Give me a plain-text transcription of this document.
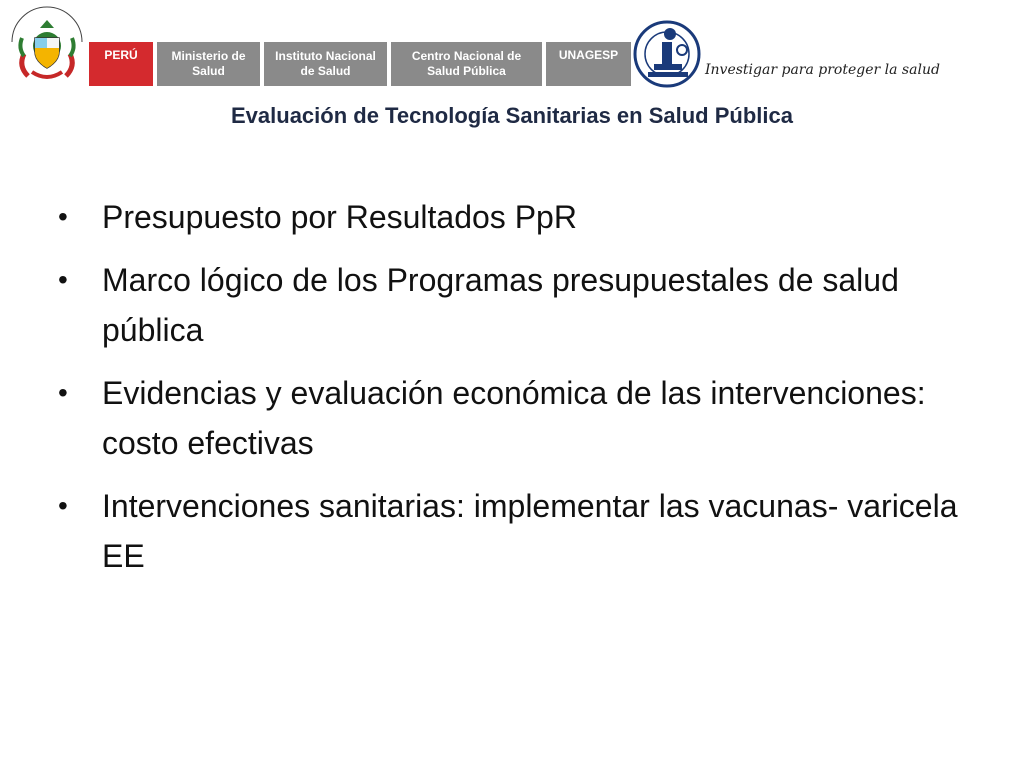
PERÚ	Ministerio de
Salud
Instituto Nacional
de Salud
Centro Nacional de
Salud Pública
UNAGESP
Investigar para proteger la salud
Evaluación de Tecnología Sanitarias en Salud Pública
• Presupuesto por Resultados PpR
• Marco lógico de los Programas presupuestales de salud pública
• Evidencias y evaluación económica de las intervenciones: costo efectivas
• Intervenciones sanitarias: implementar las vacunas- varicela EE
